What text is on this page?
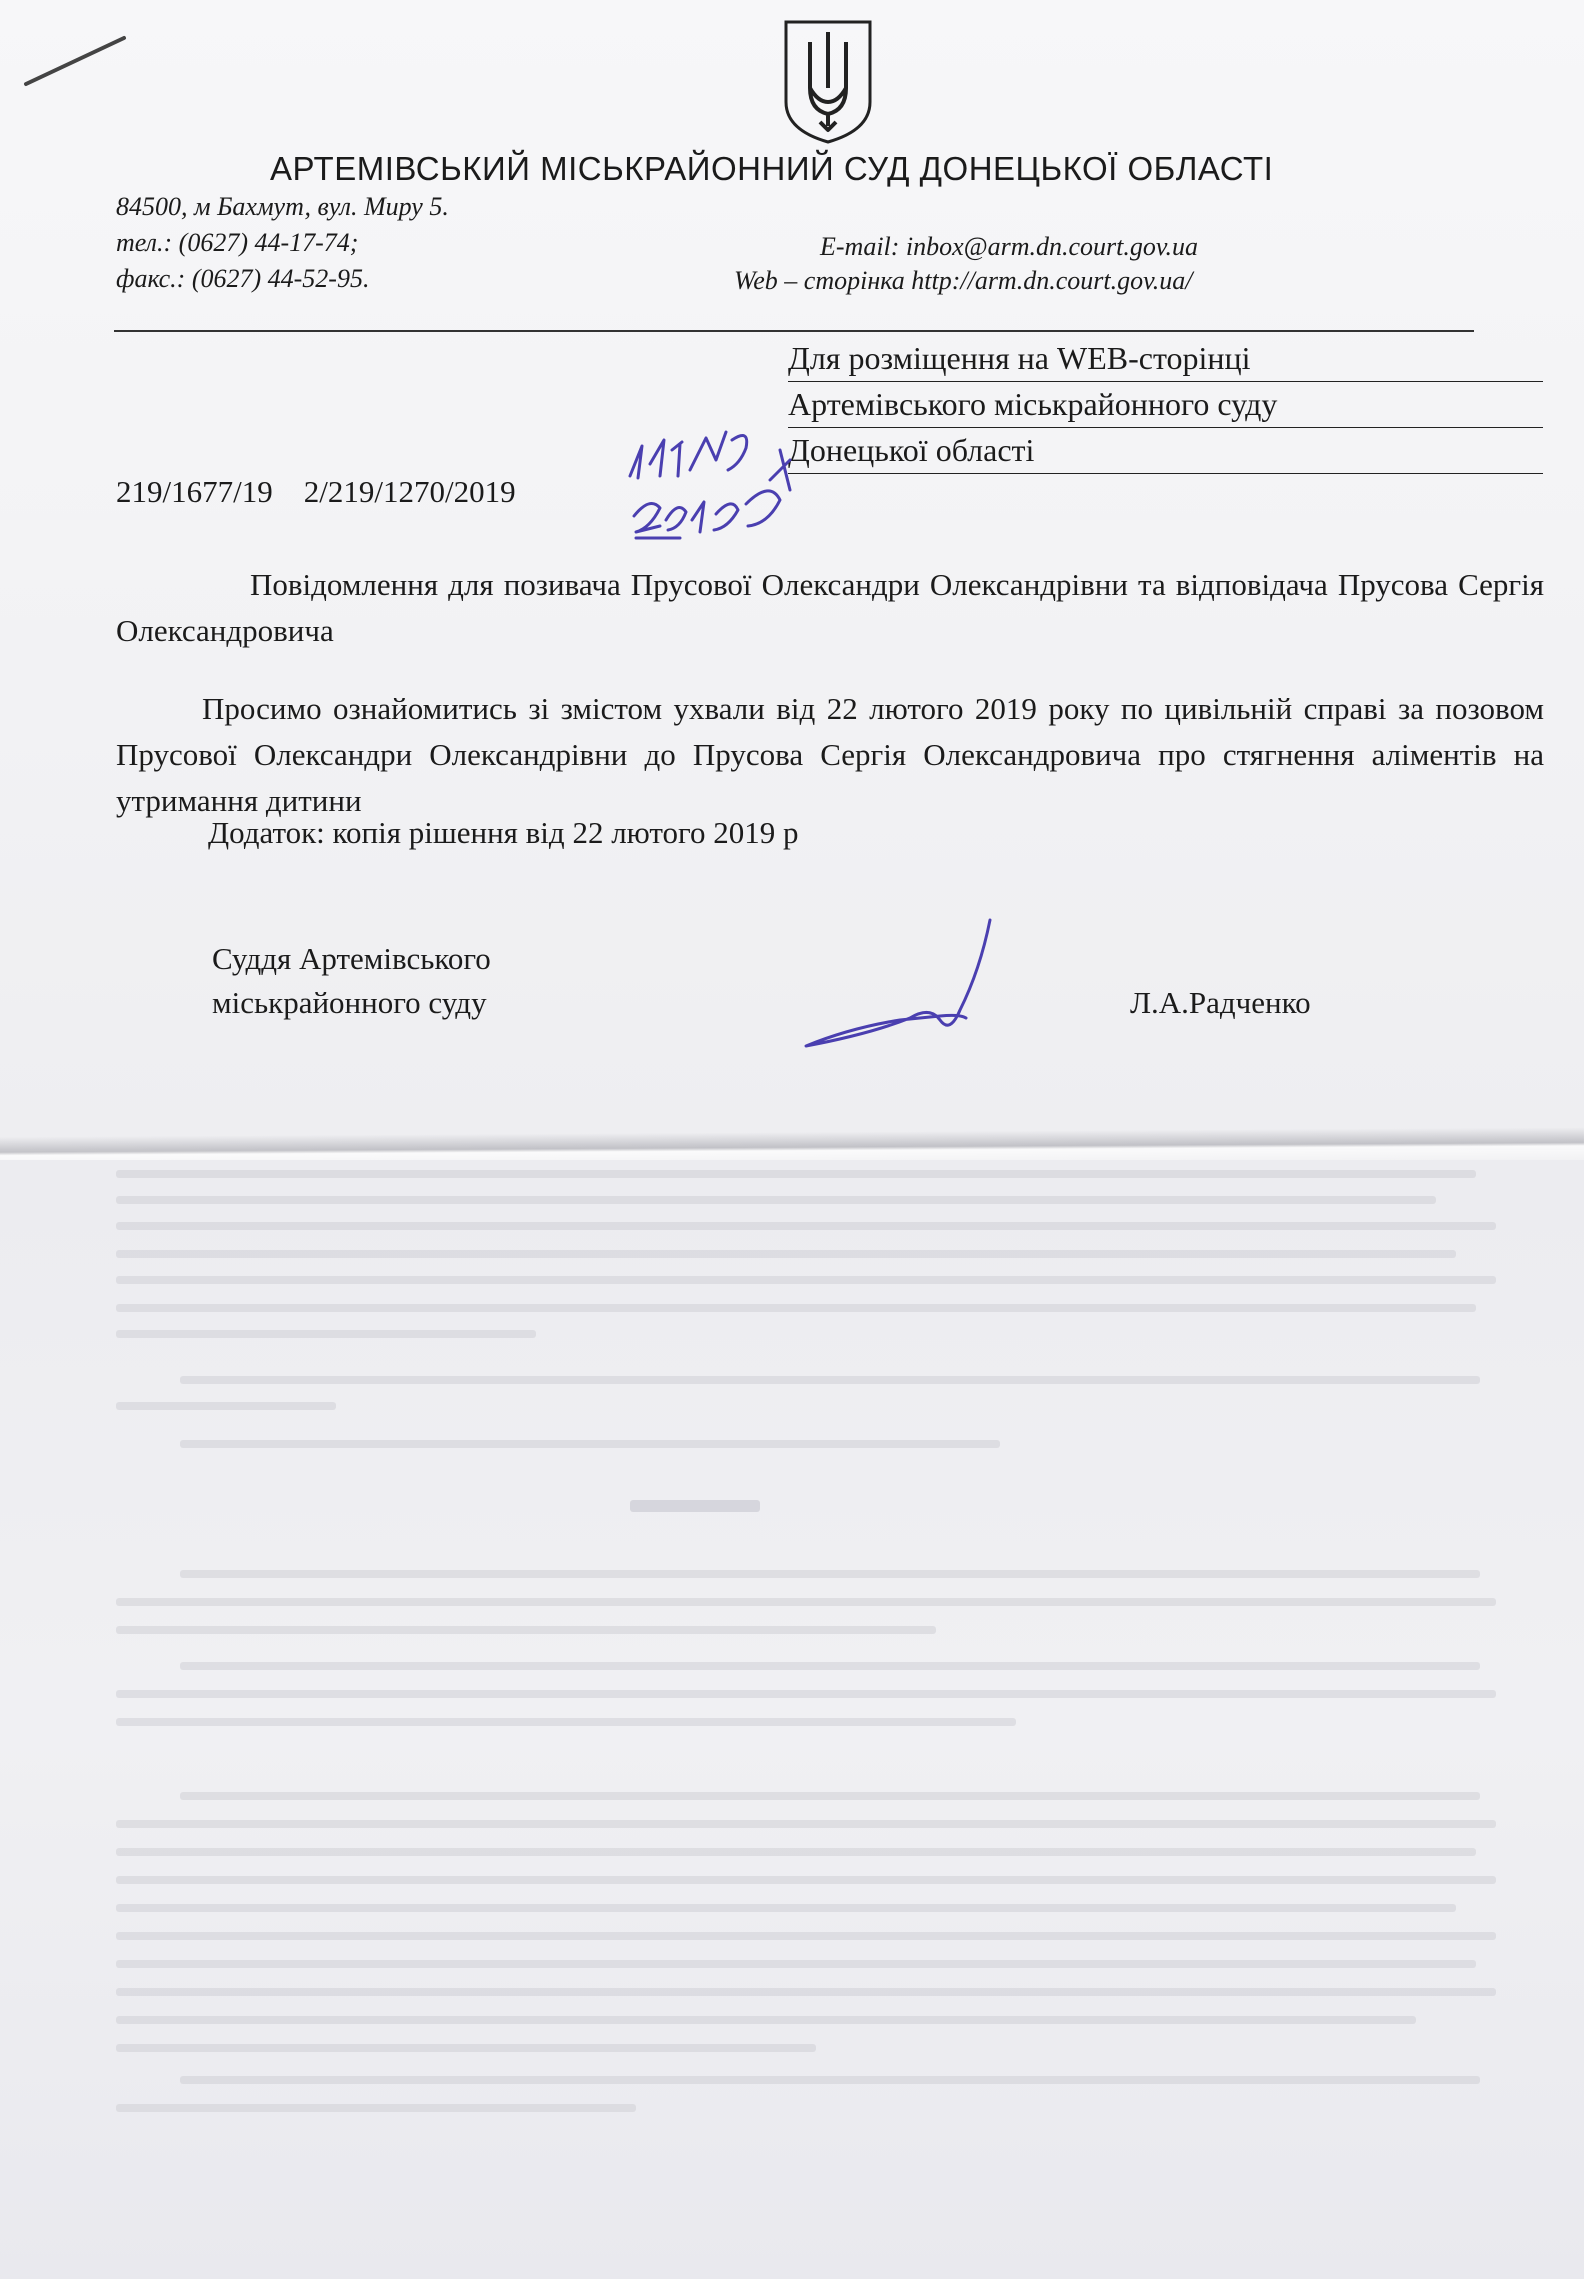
АРТЕМІВСЬКИЙ МІСЬКРАЙОННИЙ СУД ДОНЕЦЬКОЇ ОБЛАСТІ
84500, м Бахмут, вул. Миру 5.
тел.: (0627) 44-17-74;
факс.: (0627) 44-52-95.
E-mail: inbox@arm.dn.court.gov.ua
Web – сторінка http://arm.dn.court.gov.ua/
Для розміщення на WEB-сторінці
Артемівського міськрайонного суду
Донецької області
219/1677/19    2/219/1270/2019
Повідомлення для позивача Прусової Олександри Олександрівни та відповідача Прусова Сергія Олександровича
Просимо ознайомитись зі змістом ухвали від 22 лютого 2019 року по цивільній справі за позовом Прусової Олександри Олександрівни до Прусова Сергія Олександровича про стягнення аліментів на утримання дитини
Додаток: копія рішення від 22 лютого 2019 р
Суддя Артемівського
міськрайонного суду	Л.А.Радченко
